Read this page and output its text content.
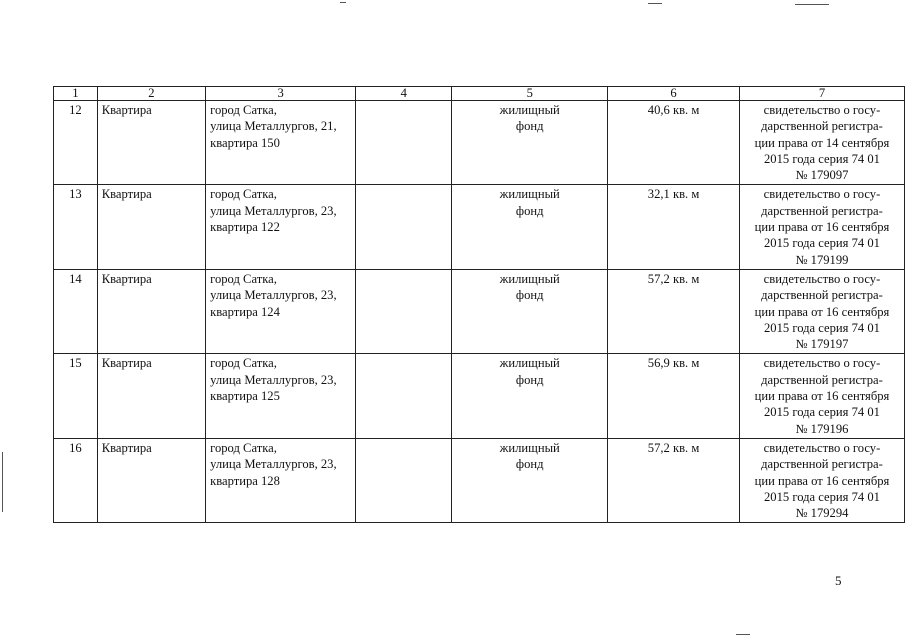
1	2	3	4	5	6	7
12	Квартира	город Сатка,
улица Металлургов, 21,
квартира 150		жилищный
фонд	40,6 кв. м	свидетельство о госу-
дарственной регистра-
ции права от 14 сентября
2015 года серия 74 01
№ 179097
13	Квартира	город Сатка,
улица Металлургов, 23,
квартира 122		жилищный
фонд	32,1 кв. м	свидетельство о госу-
дарственной регистра-
ции права от 16 сентября
2015 года серия 74 01
№ 179199
14	Квартира	город Сатка,
улица Металлургов, 23,
квартира 124		жилищный
фонд	57,2 кв. м	свидетельство о госу-
дарственной регистра-
ции права от 16 сентября
2015 года серия 74 01
№ 179197
15	Квартира	город Сатка,
улица Металлургов, 23,
квартира 125		жилищный
фонд	56,9 кв. м	свидетельство о госу-
дарственной регистра-
ции права от 16 сентября
2015 года серия 74 01
№ 179196
16	Квартира	город Сатка,
улица Металлургов, 23,
квартира 128		жилищный
фонд	57,2 кв. м	свидетельство о госу-
дарственной регистра-
ции права от 16 сентября
2015 года серия 74 01
№ 179294
5
